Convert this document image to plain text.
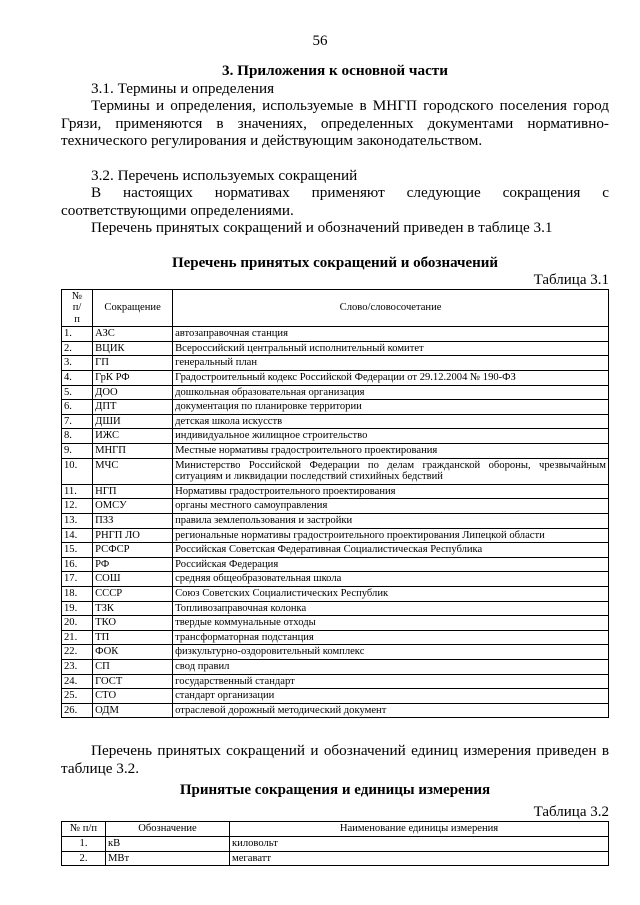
56

3. Приложения к основной части

3.1. Термины и определения

Термины и определения, используемые в МНГП городского поселения город Грязи, применяются в значениях, определенных документами нормативно-технического регулирования и действующим законодательством.

3.2. Перечень используемых сокращений

В настоящих нормативах применяют следующие сокращения с

соответствующими определениями.

Перечень принятых сокращений и обозначений приведен в таблице 3.1

Перечень принятых сокращений и обозначений
Таблица 3.1
№ п/п	Сокращение	Слово/словосочетание
1.	АЗС	автозаправочная станция
2.	ВЦИК	Всероссийский центральный исполнительный комитет
3.	ГП	генеральный план
4.	ГрК РФ	Градостроительный кодекс Российской Федерации от 29.12.2004 № 190-ФЗ
5.	ДОО	дошкольная образовательная организация
6.	ДПТ	документация по планировке территории
7.	ДШИ	детская школа искусств
8.	ИЖС	индивидуальное жилищное строительство
9.	МНГП	Местные нормативы градостроительного проектирования
10.	МЧС	Министерство Российской Федерации по делам гражданской обороны, чрезвычайным ситуациям и ликвидации последствий стихийных бедствий
11.	НГП	Нормативы градостроительного проектирования
12.	ОМСУ	органы местного самоуправления
13.	ПЗЗ	правила землепользования и застройки
14.	РНГП ЛО	региональные нормативы градостроительного проектирования Липецкой области
15.	РСФСР	Российская Советская Федеративная Социалистическая Республика
16.	РФ	Российская Федерация
17.	СОШ	средняя общеобразовательная школа
18.	СССР	Союз Советских Социалистических Республик
19.	ТЗК	Топливозаправочная колонка
20.	ТКО	твердые коммунальные отходы
21.	ТП	трансформаторная подстанция
22.	ФОК	физкультурно-оздоровительный комплекс
23.	СП	свод правил
24.	ГОСТ	государственный стандарт
25.	СТО	стандарт организации
26.	ОДМ	отраслевой дорожный методический документ

Перечень принятых сокращений и обозначений единиц измерения приведен в таблице 3.2.

Принятые сокращения и единицы измерения
Таблица 3.2
№ п/п	Обозначение	Наименование единицы измерения
1.	кВ	киловольт
2.	МВт	мегаватт
